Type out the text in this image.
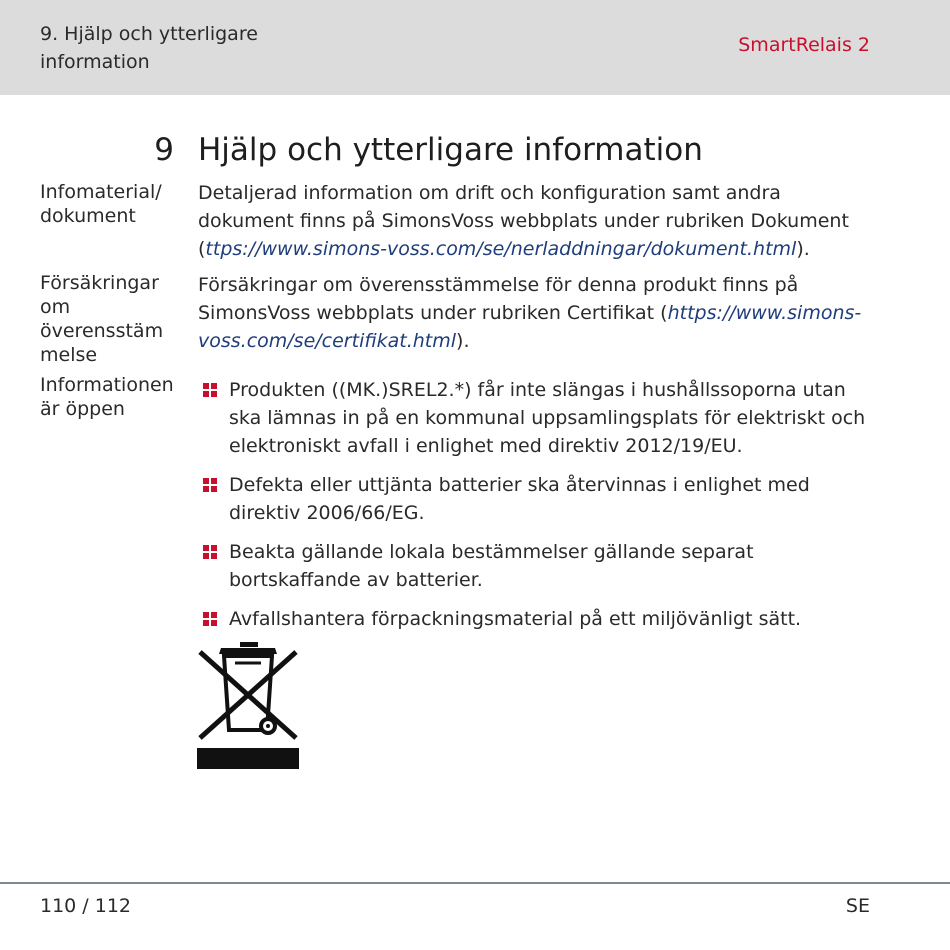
9. Hjälp och ytterligare
information
SmartRelais 2
9 Hjälp och ytterligare information
Infomaterial/
dokument
Detaljerad information om drift och konfiguration samt andra dokument finns på SimonsVoss webbplats under rubriken Dokument (ttps://www.simons-voss.com/se/nerladdningar/dokument.html).
Försäkringar
om
överensstäm
melse
Försäkringar om överensstämmelse för denna produkt finns på SimonsVoss webbplats under rubriken Certifikat (https://www.simons-voss.com/se/certifikat.html).
Informationen
är öppen
Produkten ((MK.)SREL2.*) får inte slängas i hushållssoporna utan ska lämnas in på en kommunal uppsamlingsplats för elektriskt och elektroniskt avfall i enlighet med direktiv 2012/19/EU.
Defekta eller uttjänta batterier ska återvinnas i enlighet med direktiv 2006/66/EG.
Beakta gällande lokala bestämmelser gällande separat bortskaffande av batterier.
Avfallshantera förpackningsmaterial på ett miljövänligt sätt.
110 / 112	SE
